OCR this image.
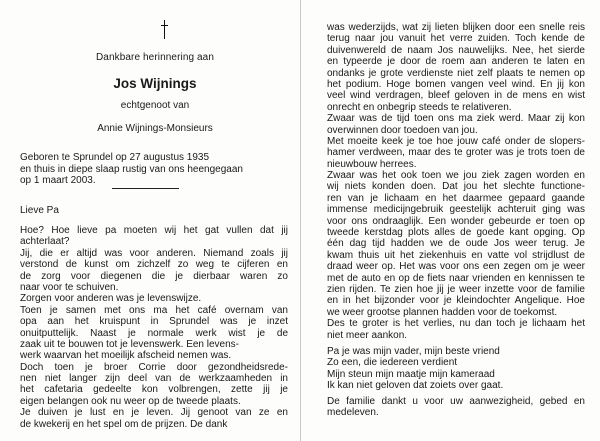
Dankbare herinnering aan
Jos Wijnings
echtgenoot van
Annie Wijnings-Monsieurs
Geboren te Sprundel op 27 augustus 1935
en thuis in diepe slaap rustig van ons heengegaan
op 1 maart 2003.
Lieve Pa
Hoe? Hoe lieve pa moeten wij het gat vullen dat jij
achterlaat?
Jij, die er altijd was voor anderen. Niemand zoals jij
verstond de kunst om zichzelf zo weg te cijferen en
de zorg voor diegenen die je dierbaar waren zo
naar voor te schuiven.
Zorgen voor anderen was je levenswijze.
Toen je samen met ons ma het café overnam van
opa aan het kruispunt in Sprundel was je inzet
onuitputtelijk. Naast je normale werk wist je de
zaak uit te bouwen tot je levenswerk. Een levens-
werk waarvan het moeilijk afscheid nemen was.
Doch toen je broer Corrie door gezondheidsrede-
nen niet langer zijn deel van de werkzaamheden in
het cafetaria gedeelte kon volbrengen, zette jij je
eigen belangen ook nu weer op de tweede plaats.
Je duiven je lust en je leven. Jij genoot van ze en
de kwekerij en het spel om de prijzen. De dank
was wederzijds, wat zij lieten blijken door een snelle reis
terug naar jou vanuit het verre zuiden. Toch kende de
duivenwereld de naam Jos nauwelijks. Nee, het sierde
en typeerde je door de roem aan anderen te laten en
ondanks je grote verdienste niet zelf plaats te nemen op
het podium. Hoge bomen vangen veel wind. En jij kon
veel wind verdragen, bleef geloven in de mens en wist
onrecht en onbegrip steeds te relativeren.
Zwaar was de tijd toen ons ma ziek werd. Maar zij kon
overwinnen door toedoen van jou.
Met moeite keek je toe hoe jouw café onder de slopers-
hamer verdween, maar des te groter was je trots toen de
nieuwbouw herrees.
Zwaar was het ook toen we jou ziek zagen worden en
wij niets konden doen. Dat jou het slechte functione-
ren van je lichaam en het daarmee gepaard gaande
immense medicijngebruik geestelijk achteruit ging was
voor ons ondraaglijk. Een wonder gebeurde er toen op
tweede kerstdag plots alles de goede kant opging. Op
één dag tijd hadden we de oude Jos weer terug. Je
kwam thuis uit het ziekenhuis en vatte vol strijdlust de
draad weer op. Het was voor ons een zegen om je weer
met de auto en op de fiets naar vrienden en kennissen te
zien rijden. Te zien hoe jij je weer inzette voor de familie
en in het bijzonder voor je kleindochter Angelique. Hoe
we weer grootse plannen hadden voor de toekomst.
Des te groter is het verlies, nu dan toch je lichaam het
niet meer aankon.
Pa je was mijn vader, mijn beste vriend
Zo een, die iedereen verdient
Mijn steun mijn maatje mijn kameraad
Ik kan niet geloven dat zoiets over gaat.
De familie dankt u voor uw aanwezigheid, gebed en
medeleven.
